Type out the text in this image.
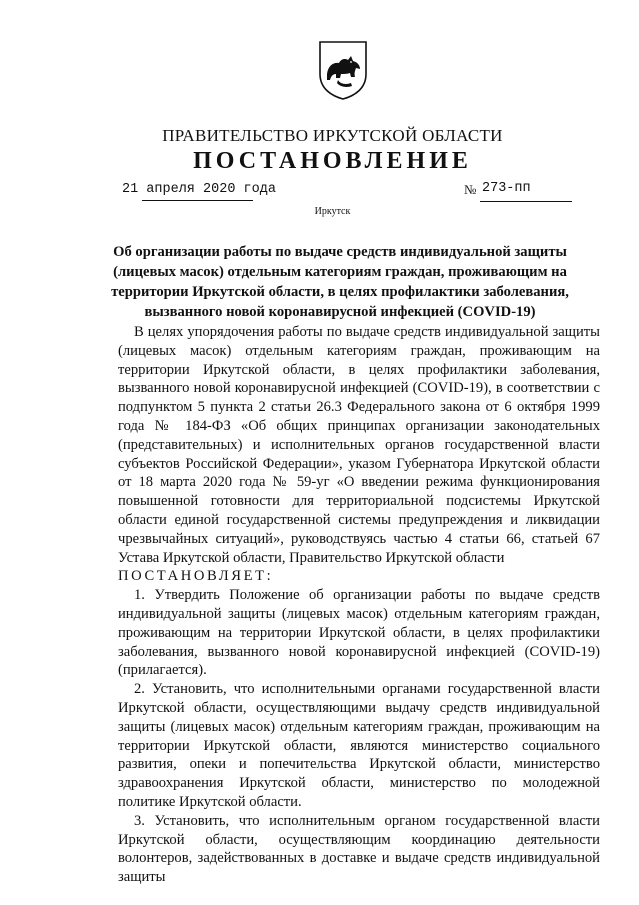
ПРАВИТЕЛЬСТВО ИРКУТСКОЙ ОБЛАСТИ
ПОСТАНОВЛЕНИЕ
21 апреля 2020 года	№ 273-пп
Иркутск
Об организации работы по выдаче средств индивидуальной защиты (лицевых масок) отдельным категориям граждан, проживающим на территории Иркутской области, в целях профилактики заболевания, вызванного новой коронавирусной инфекцией (COVID-19)

В целях упорядочения работы по выдаче средств индивидуальной защиты (лицевых масок) отдельным категориям граждан, проживающим на территории Иркутской области, в целях профилактики заболевания, вызванного новой коронавирусной инфекцией (COVID-19), в соответствии с подпунктом 5 пункта 2 статьи 26.3 Федерального закона от 6 октября 1999 года № 184-ФЗ «Об общих принципах организации законодательных (представительных) и исполнительных органов государственной власти субъектов Российской Федерации», указом Губернатора Иркутской области от 18 марта 2020 года № 59-уг «О введении режима функционирования повышенной готовности для территориальной подсистемы Иркутской области единой государственной системы предупреждения и ликвидации чрезвычайных ситуаций», руководствуясь частью 4 статьи 66, статьей 67 Устава Иркутской области, Правительство Иркутской области

ПОСТАНОВЛЯЕТ:

1. Утвердить Положение об организации работы по выдаче средств индивидуальной защиты (лицевых масок) отдельным категориям граждан, проживающим на территории Иркутской области, в целях профилактики заболевания, вызванного новой коронавирусной инфекцией (COVID-19) (прилагается).

2. Установить, что исполнительными органами государственной власти Иркутской области, осуществляющими выдачу средств индивидуальной защиты (лицевых масок) отдельным категориям граждан, проживающим на территории Иркутской области, являются министерство социального развития, опеки и попечительства Иркутской области, министерство здравоохранения Иркутской области, министерство по молодежной политике Иркутской области.

3. Установить, что исполнительным органом государственной власти Иркутской области, осуществляющим координацию деятельности волонтеров, задействованных в доставке и выдаче средств индивидуальной защиты
